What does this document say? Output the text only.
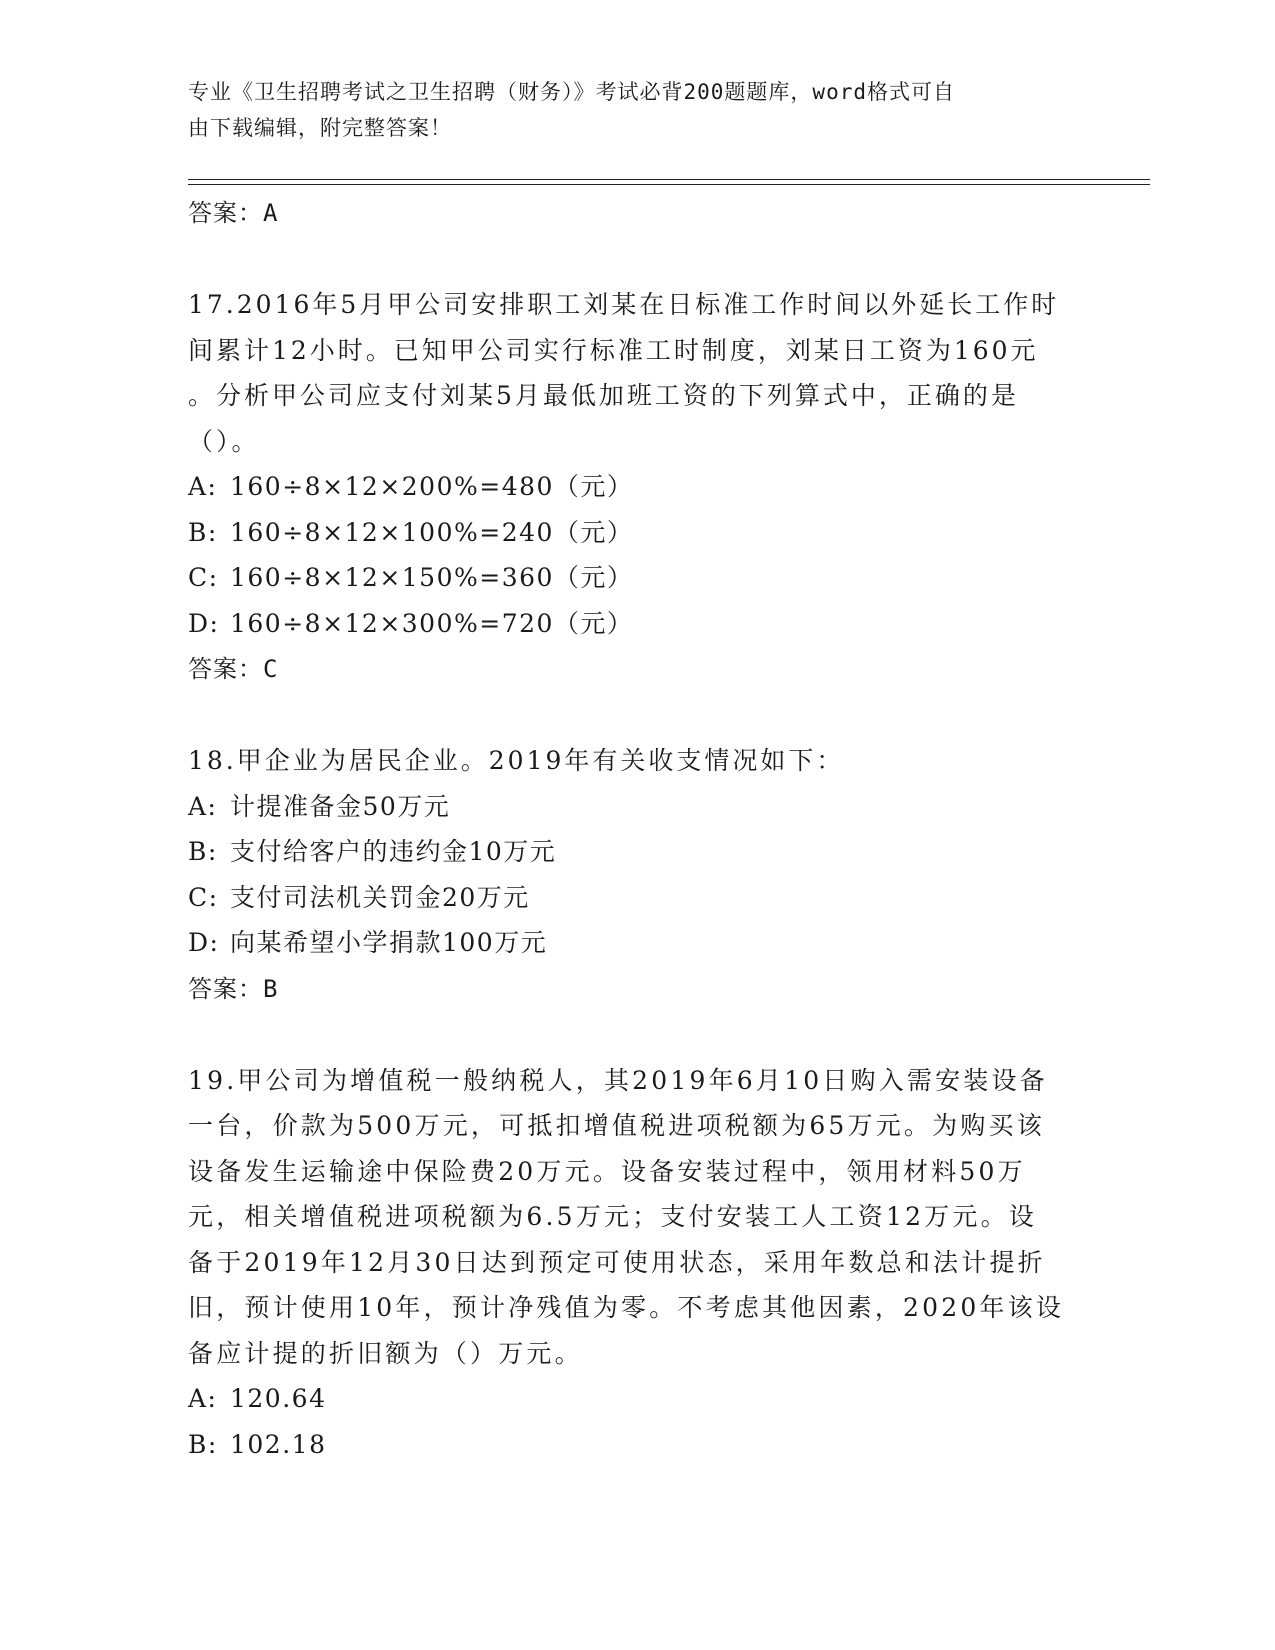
专业《卫生招聘考试之卫生招聘（财务）》考试必背200题题库，word格式可自
由下载编辑，附完整答案！

答案：A

17.2016年5月甲公司安排职工刘某在日标准工作时间以外延长工作时
间累计12小时。已知甲公司实行标准工时制度，刘某日工资为160元
。分析甲公司应支付刘某5月最低加班工资的下列算式中，正确的是
（）。

A: 160÷8×12×200%=480（元）

B: 160÷8×12×100%=240（元）

C: 160÷8×12×150%=360（元）

D: 160÷8×12×300%=720（元）

答案：C

18.甲企业为居民企业。2019年有关收支情况如下：

A: 计提准备金50万元

B: 支付给客户的违约金10万元

C: 支付司法机关罚金20万元

D: 向某希望小学捐款100万元

答案：B

19.甲公司为增值税一般纳税人，其2019年6月10日购入需安装设备
一台，价款为500万元，可抵扣增值税进项税额为65万元。为购买该
设备发生运输途中保险费20万元。设备安装过程中，领用材料50万
元，相关增值税进项税额为6.5万元；支付安装工人工资12万元。设
备于2019年12月30日达到预定可使用状态，采用年数总和法计提折
旧，预计使用10年，预计净残值为零。不考虑其他因素，2020年该设
备应计提的折旧额为（）万元。

A: 120.64

B: 102.18
